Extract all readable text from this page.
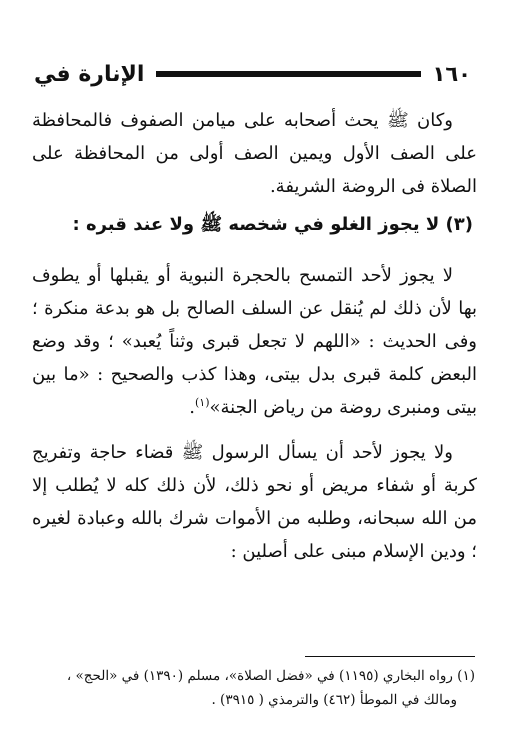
١٦٠
الإنارة في

وكان ﷺ يحث أصحابه على ميامن الصفوف فالمحافظة على الصف الأول ويمين الصف أولى من المحافظة على الصلاة فى الروضة الشريفة.

(٣) لا يجوز الغلو في شخصه ﷺ ولا عند قبره :

لا يجوز لأحد التمسح بالحجرة النبوية أو يقبلها أو يطوف بها لأن ذلك لم يُنقل عن السلف الصالح بل هو بدعة منكرة ؛ وفى الحديث : «اللهم لا تجعل قبرى وثناً يُعبد» ؛ وقد وضع البعض كلمة قبرى بدل بيتى، وهذا كذب والصحيح : «ما بين بيتى ومنبرى روضة من رياض الجنة»$^{(١)}$.

ولا يجوز لأحد أن يسأل الرسول ﷺ قضاء حاجة وتفريج كربة أو شفاء مريض أو نحو ذلك، لأن ذلك كله لا يُطلب إلا من الله سبحانه، وطلبه من الأموات شرك بالله وعبادة لغيره ؛ ودين الإسلام مبنى على أصلين :

(١) رواه البخاري (١١٩٥) في «فضل الصلاة»، مسلم (١٣٩٠) في «الحج» ،

ومالك في الموطأ (٤٦٢) والترمذي ( ٣٩١٥) .
